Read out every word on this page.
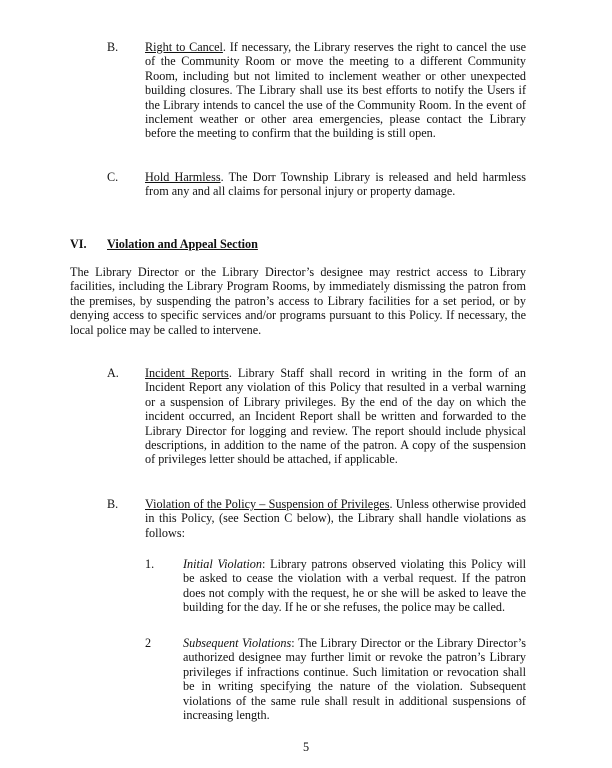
B. Right to Cancel. If necessary, the Library reserves the right to cancel the use of the Community Room or move the meeting to a different Community Room, including but not limited to inclement weather or other unexpected building closures. The Library shall use its best efforts to notify the Users if the Library intends to cancel the use of the Community Room. In the event of inclement weather or other area emergencies, please contact the Library before the meeting to confirm that the building is still open.
C. Hold Harmless. The Dorr Township Library is released and held harmless from any and all claims for personal injury or property damage.
VI. Violation and Appeal Section
The Library Director or the Library Director’s designee may restrict access to Library facilities, including the Library Program Rooms, by immediately dismissing the patron from the premises, by suspending the patron’s access to Library facilities for a set period, or by denying access to specific services and/or programs pursuant to this Policy. If necessary, the local police may be called to intervene.
A. Incident Reports. Library Staff shall record in writing in the form of an Incident Report any violation of this Policy that resulted in a verbal warning or a suspension of Library privileges. By the end of the day on which the incident occurred, an Incident Report shall be written and forwarded to the Library Director for logging and review. The report should include physical descriptions, in addition to the name of the patron. A copy of the suspension of privileges letter should be attached, if applicable.
B. Violation of the Policy – Suspension of Privileges. Unless otherwise provided in this Policy, (see Section C below), the Library shall handle violations as follows:
1. Initial Violation: Library patrons observed violating this Policy will be asked to cease the violation with a verbal request. If the patron does not comply with the request, he or she will be asked to leave the building for the day. If he or she refuses, the police may be called.
2	Subsequent Violations: The Library Director or the Library Director’s authorized designee may further limit or revoke the patron’s Library privileges if infractions continue. Such limitation or revocation shall be in writing specifying the nature of the violation. Subsequent violations of the same rule shall result in additional suspensions of increasing length.
5
